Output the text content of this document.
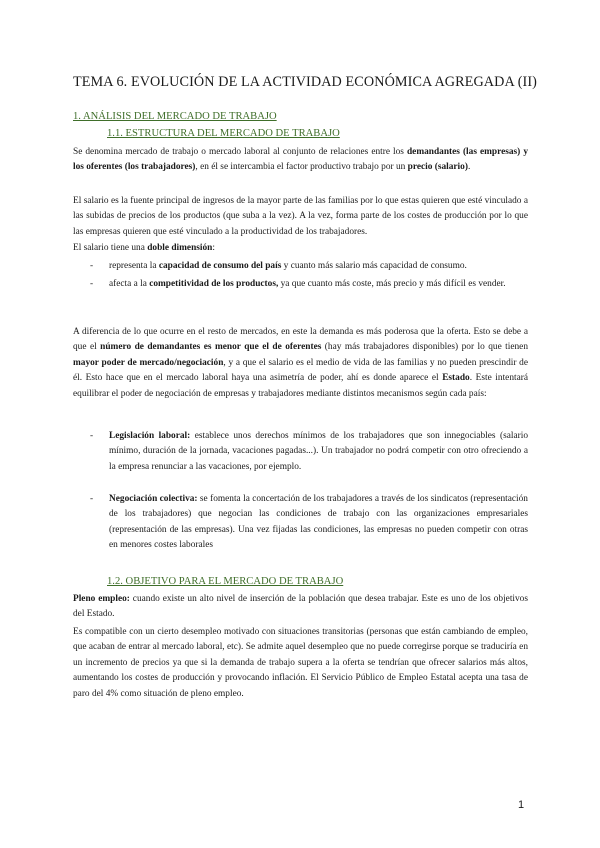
TEMA 6. EVOLUCIÓN DE LA ACTIVIDAD ECONÓMICA AGREGADA (II)
1. ANÁLISIS DEL MERCADO DE TRABAJO
1.1. ESTRUCTURA DEL MERCADO DE TRABAJO
Se denomina mercado de trabajo o mercado laboral al conjunto de relaciones entre los demandantes (las empresas) y los oferentes (los trabajadores), en él se intercambia el factor productivo trabajo por un precio (salario).
El salario es la fuente principal de ingresos de la mayor parte de las familias por lo que estas quieren que esté vinculado a las subidas de precios de los productos (que suba a la vez). A la vez, forma parte de los costes de producción por lo que las empresas quieren que esté vinculado a la productividad de los trabajadores.
El salario tiene una doble dimensión:
- representa la capacidad de consumo del país y cuanto más salario más capacidad de consumo.
- afecta a la competitividad de los productos, ya que cuanto más coste, más precio y más difícil es vender.
A diferencia de lo que ocurre en el resto de mercados, en este la demanda es más poderosa que la oferta. Esto se debe a que el número de demandantes es menor que el de oferentes (hay más trabajadores disponibles) por lo que tienen mayor poder de mercado/negociación, y a que el salario es el medio de vida de las familias y no pueden prescindir de él. Esto hace que en el mercado laboral haya una asimetría de poder, ahí es donde aparece el Estado. Este intentará equilibrar el poder de negociación de empresas y trabajadores mediante distintos mecanismos según cada país:
- Legislación laboral: establece unos derechos mínimos de los trabajadores que son innegociables (salario mínimo, duración de la jornada, vacaciones pagadas...). Un trabajador no podrá competir con otro ofreciendo a la empresa renunciar a las vacaciones, por ejemplo.
- Negociación colectiva: se fomenta la concertación de los trabajadores a través de los sindicatos (representación de los trabajadores) que negocian las condiciones de trabajo con las organizaciones empresariales (representación de las empresas). Una vez fijadas las condiciones, las empresas no pueden competir con otras en menores costes laborales
1.2. OBJETIVO PARA EL MERCADO DE TRABAJO
Pleno empleo: cuando existe un alto nivel de inserción de la población que desea trabajar. Este es uno de los objetivos del Estado.
Es compatible con un cierto desempleo motivado con situaciones transitorias (personas que están cambiando de empleo, que acaban de entrar al mercado laboral, etc). Se admite aquel desempleo que no puede corregirse porque se traduciría en un incremento de precios ya que si la demanda de trabajo supera a la oferta se tendrían que ofrecer salarios más altos, aumentando los costes de producción y provocando inflación. El Servicio Público de Empleo Estatal acepta una tasa de paro del 4% como situación de pleno empleo.
1
